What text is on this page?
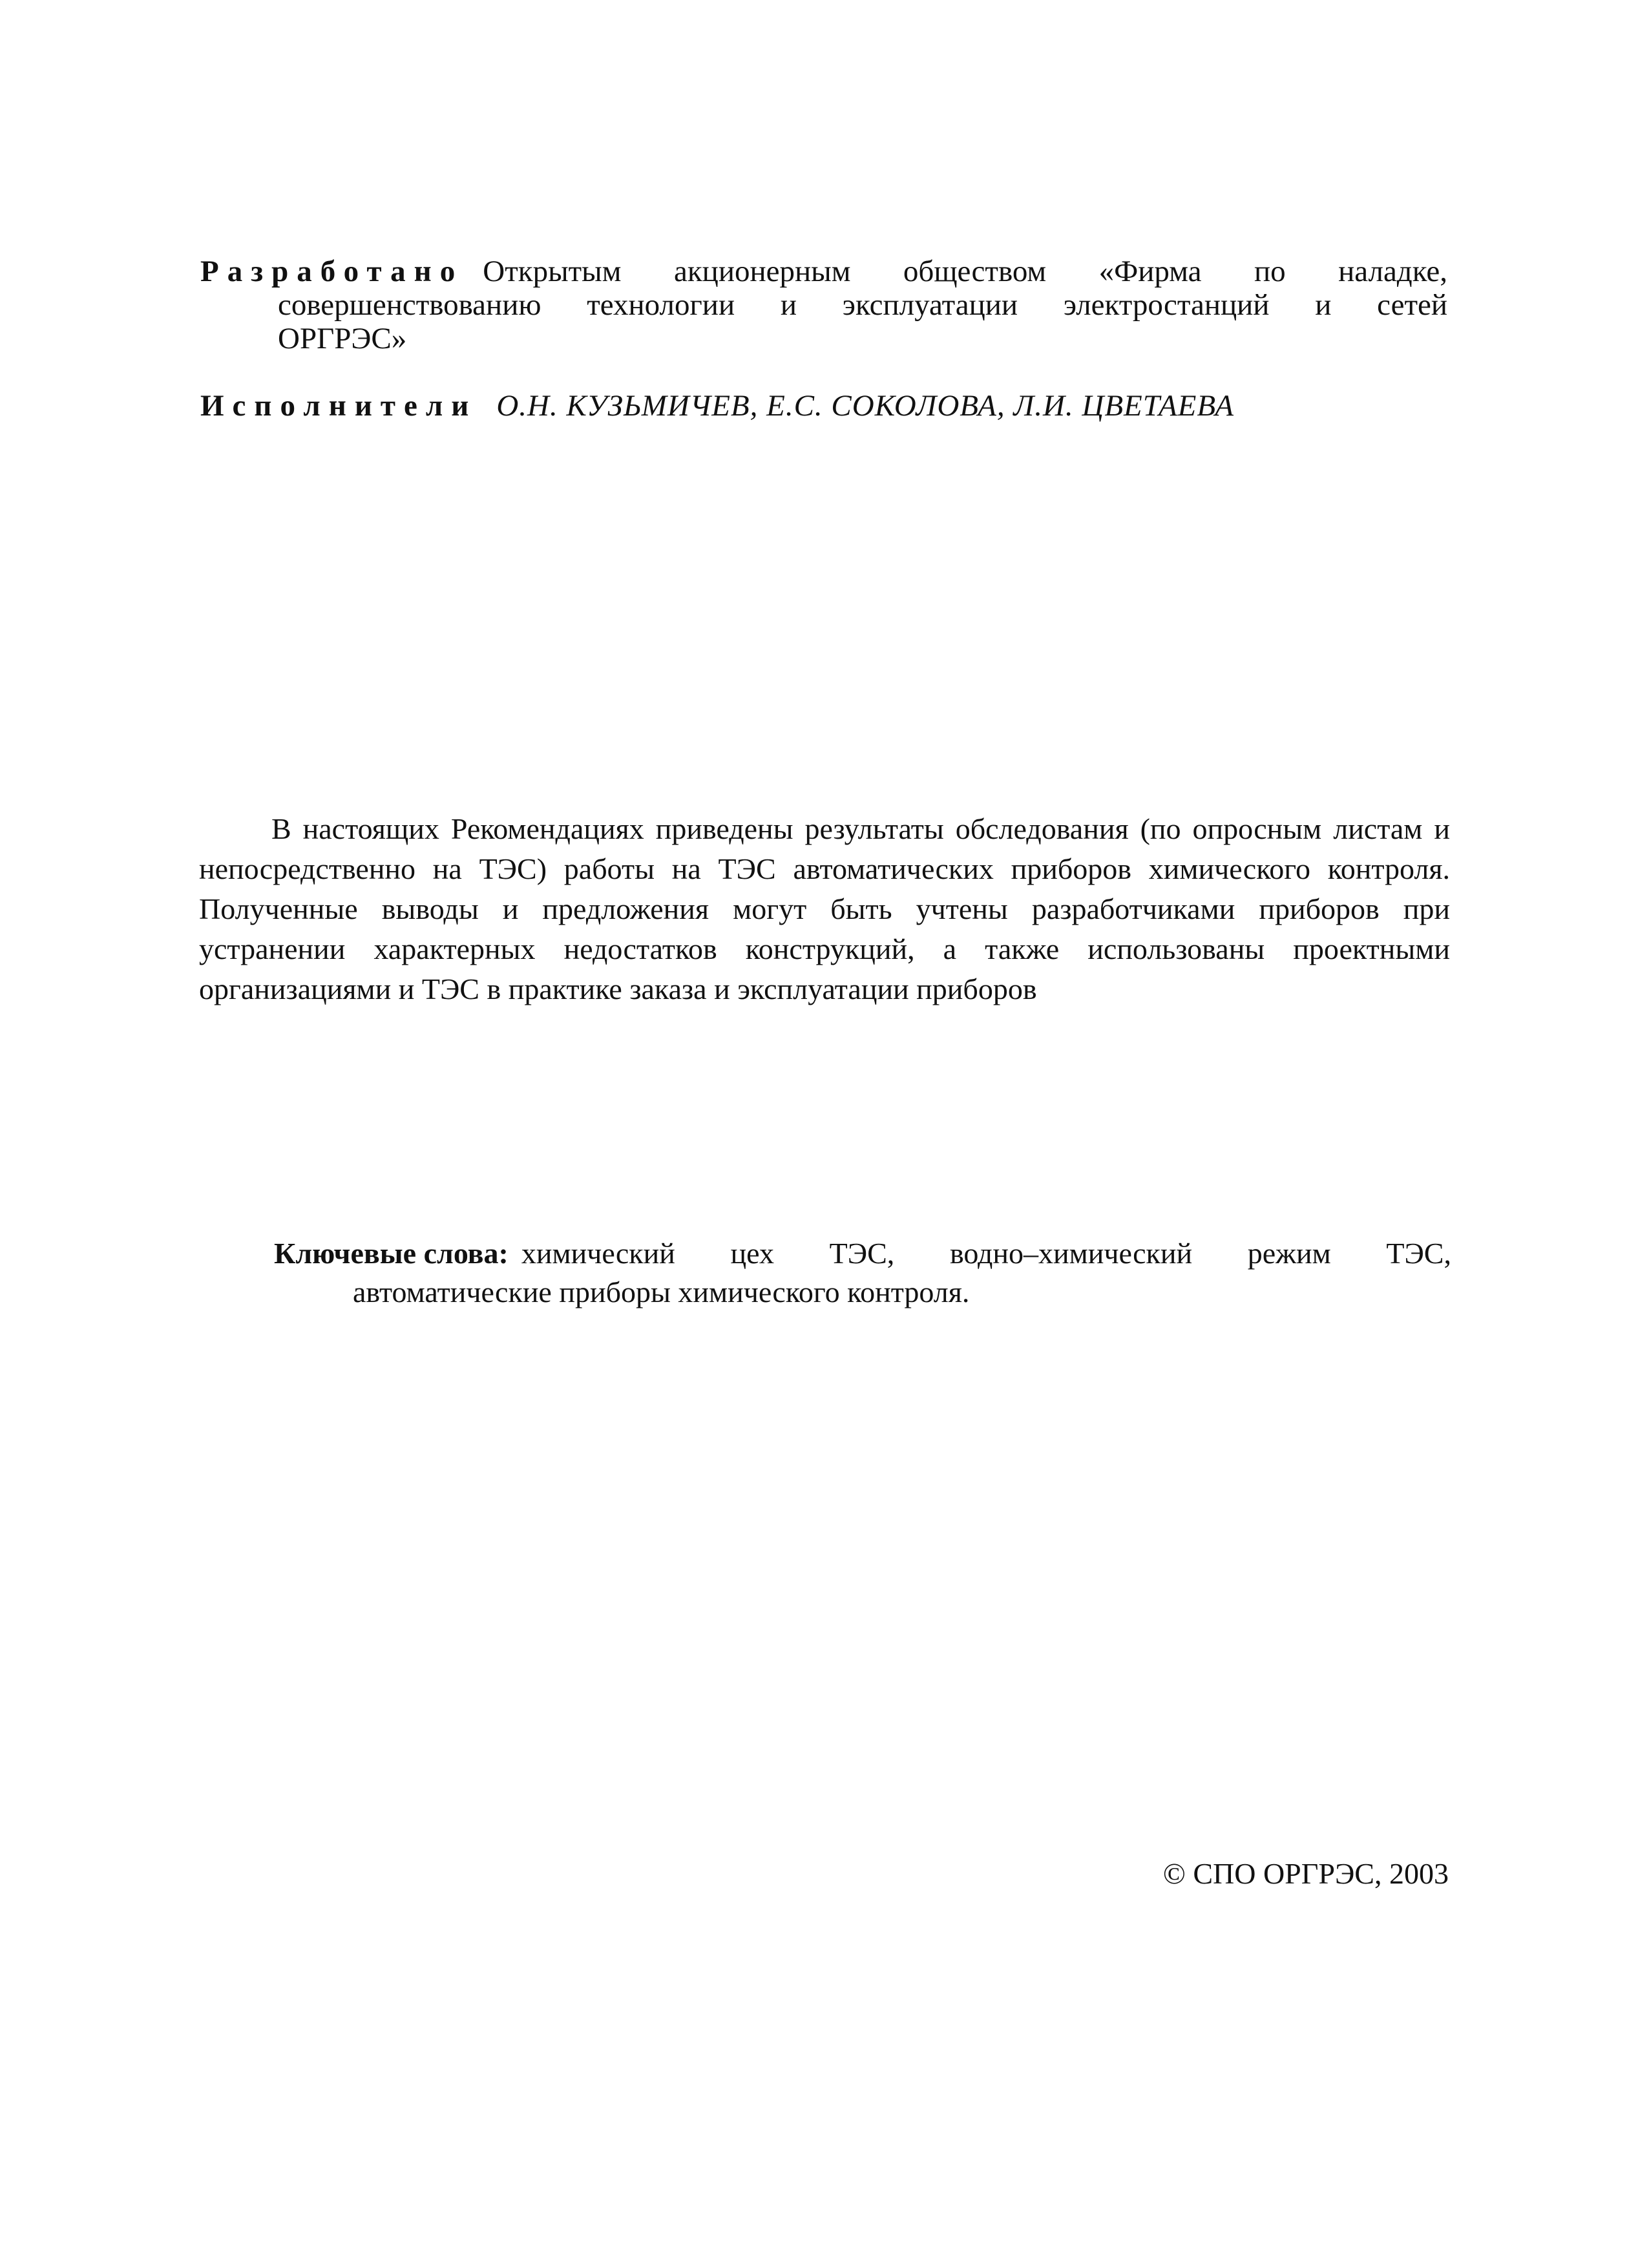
Разработано Открытым акционерным обществом «Фирма по наладке,
совершенствованию технологии и эксплуатации электростанций и сетей
ОРГРЭС»
Исполнители О.Н. КУЗЬМИЧЕВ, Е.С. СОКОЛОВА, Л.И. ЦВЕТАЕВА

В настоящих Рекомендациях приведены результаты обследования (по опросным листам и непосредственно на ТЭС) работы на ТЭС автоматических приборов химического контроля. Полученные выводы и предложения могут быть учтены разработчиками приборов при устранении характерных недостатков конструкций, а также использованы проектными организациями и ТЭС в практике заказа и эксплуатации приборов

Ключевые слова: химический цех ТЭС, водно–химический режим ТЭС,
автоматические приборы химического контроля.
© СПО ОРГРЭС, 2003
